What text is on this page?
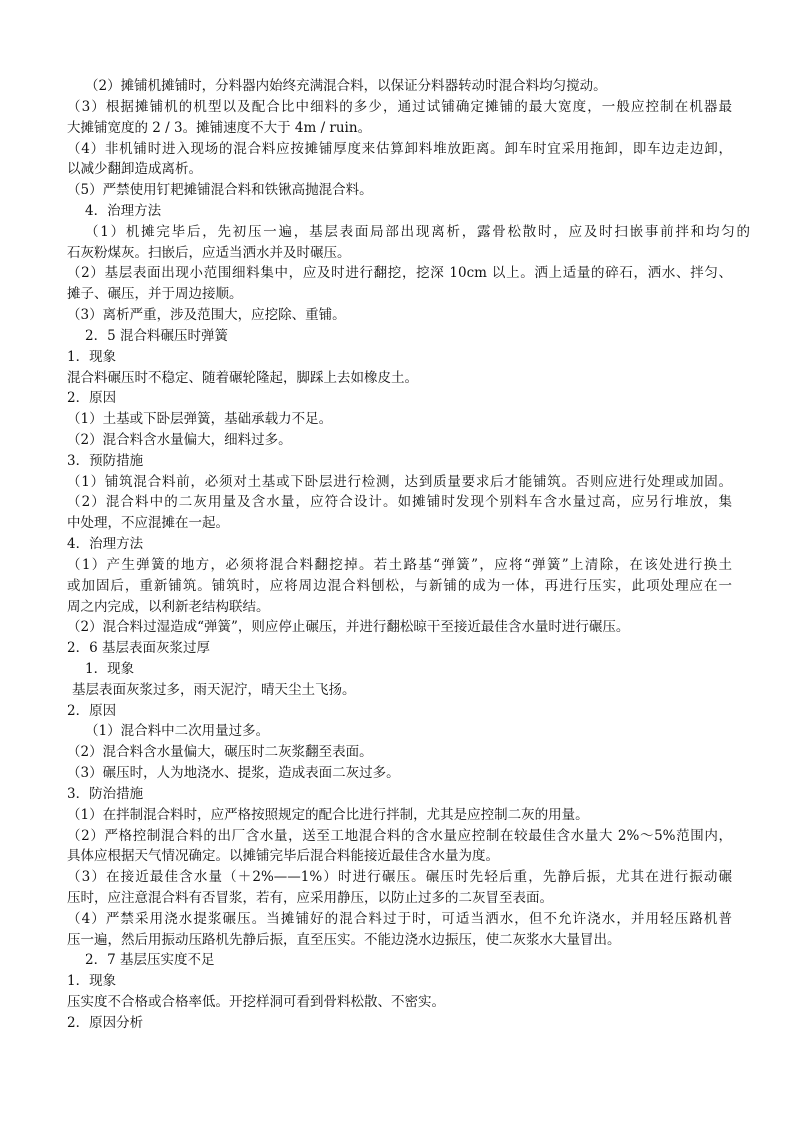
（2）摊铺机摊铺时，分料器内始终充满混合料，以保证分料器转动时混合料均匀搅动。
（3）根据摊铺机的机型以及配合比中细料的多少，通过试铺确定摊铺的最大宽度，一般应控制在机器最
大摊铺宽度的 2 / 3。摊铺速度不大于 4m / ruin。
（4）非机铺时进入现场的混合料应按摊铺厚度来估算卸料堆放距离。卸车时宜采用拖卸，即车边走边卸，
以减少翻卸造成离析。
（5）严禁使用钉耙摊铺混合料和铁锹高抛混合料。
4．治理方法
（1）机摊完毕后，先初压一遍，基层表面局部出现离析，露骨松散时，应及时扫嵌事前拌和均匀的
石灰粉煤灰。扫嵌后，应适当洒水并及时碾压。
（2）基层表面出现小范围细料集中，应及时进行翻挖，挖深 10cm 以上。洒上适量的碎石，洒水、拌匀、
摊子、碾压，并于周边接顺。
（3）离析严重，涉及范围大，应挖除、重铺。
2．5 混合料碾压时弹簧
1．现象
混合料碾压时不稳定、随着碾轮隆起，脚踩上去如橡皮土。
2．原因
（1）土基或下卧层弹簧，基础承载力不足。
（2）混合料含水量偏大，细料过多。
3．预防措施
（1）铺筑混合料前，必须对土基或下卧层进行检测，达到质量要求后才能铺筑。否则应进行处理或加固。
（2）混合料中的二灰用量及含水量，应符合设计。如摊铺时发现个别料车含水量过高，应另行堆放，集
中处理，不应混摊在一起。
4．治理方法
（1）产生弹簧的地方，必须将混合料翻挖掉。若土路基“弹簧”，应将“弹簧”上清除，在该处进行换土
或加固后，重新铺筑。铺筑时，应将周边混合料刨松，与新铺的成为一体，再进行压实，此项处理应在一
周之内完成，以利新老结构联结。
（2）混合料过湿造成“弹簧”，则应停止碾压，并进行翻松晾干至接近最佳含水量时进行碾压。
2．6 基层表面灰浆过厚
1．现象
基层表面灰浆过多，雨天泥泞，晴天尘土飞扬。
2．原因
（1）混合料中二次用量过多。
（2）混合料含水量偏大，碾压时二灰浆翻至表面。
（3）碾压时，人为地浇水、提浆，造成表面二灰过多。
3．防治措施
（1）在拌制混合料时，应严格按照规定的配合比进行拌制，尤其是应控制二灰的用量。
（2）严格控制混合料的出厂含水量，送至工地混合料的含水量应控制在较最佳含水量大 2%～5%范围内，
具体应根据天气情况确定。以摊铺完毕后混合料能接近最佳含水量为度。
（3）在接近最佳含水量（＋2%——1%）时进行碾压。碾压时先轻后重，先静后振，尤其在进行振动碾
压时，应注意混合料有否冒浆，若有，应采用静压，以防止过多的二灰冒至表面。
（4）严禁采用浇水提浆碾压。当摊铺好的混合料过于时，可适当洒水，但不允许浇水，并用轻压路机普
压一遍，然后用振动压路机先静后振，直至压实。不能边浇水边振压，使二灰浆水大量冒出。
2．7 基层压实度不足
1．现象
压实度不合格或合格率低。开挖样洞可看到骨料松散、不密实。
2．原因分析
